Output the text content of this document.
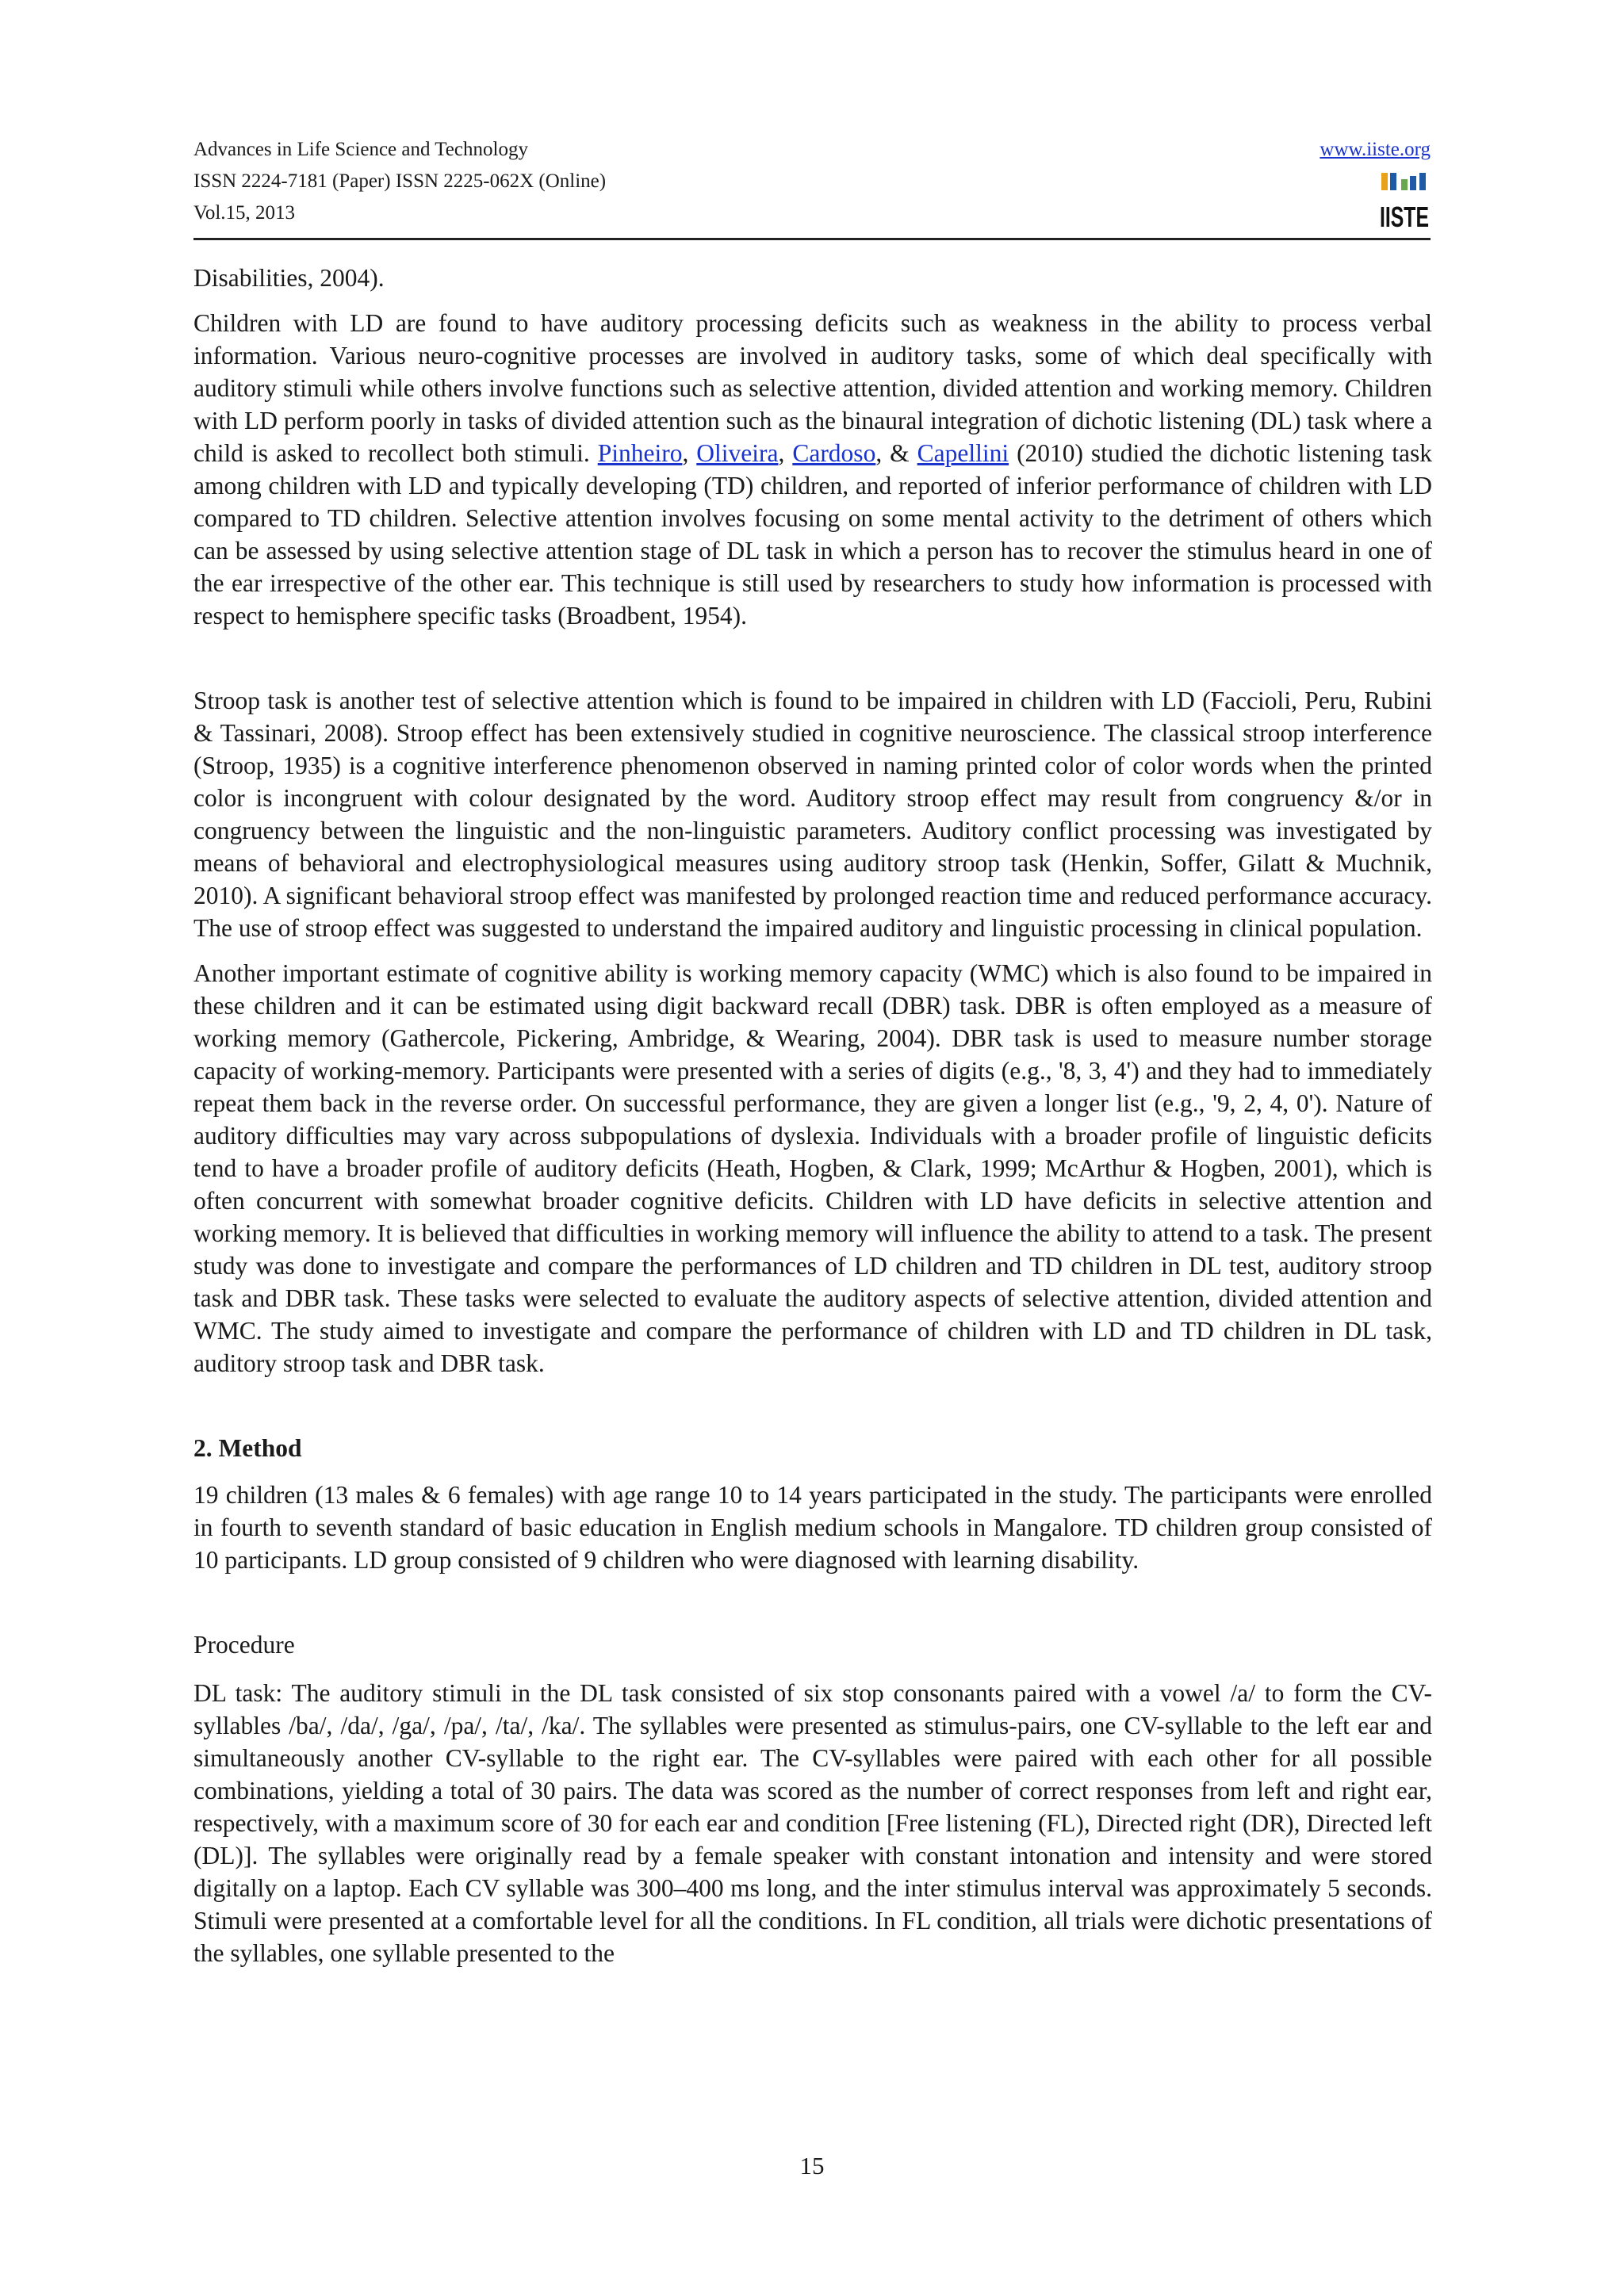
Advances in Life Science and Technology
ISSN 2224-7181 (Paper) ISSN 2225-062X (Online)
Vol.15, 2013
www.iiste.org
IISTE

Disabilities, 2004).

Children with LD are found to have auditory processing deficits such as weakness in the ability to process verbal information. Various neuro-cognitive processes are involved in auditory tasks, some of which deal specifically with auditory stimuli while others involve functions such as selective attention, divided attention and working memory. Children with LD perform poorly in tasks of divided attention such as the binaural integration of dichotic listening (DL) task where a child is asked to recollect both stimuli. Pinheiro, Oliveira, Cardoso, & Capellini (2010) studied the dichotic listening task among children with LD and typically developing (TD) children, and reported of inferior performance of children with LD compared to TD children. Selective attention involves focusing on some mental activity to the detriment of others which can be assessed by using selective attention stage of DL task in which a person has to recover the stimulus heard in one of the ear irrespective of the other ear. This technique is still used by researchers to study how information is processed with respect to hemisphere specific tasks (Broadbent, 1954).

Stroop task is another test of selective attention which is found to be impaired in children with LD (Faccioli, Peru, Rubini & Tassinari, 2008). Stroop effect has been extensively studied in cognitive neuroscience. The classical stroop interference (Stroop, 1935) is a cognitive interference phenomenon observed in naming printed color of color words when the printed color is incongruent with colour designated by the word. Auditory stroop effect may result from congruency &/or in congruency between the linguistic and the non-linguistic parameters. Auditory conflict processing was investigated by means of behavioral and electrophysiological measures using auditory stroop task (Henkin, Soffer, Gilatt & Muchnik, 2010). A significant behavioral stroop effect was manifested by prolonged reaction time and reduced performance accuracy. The use of stroop effect was suggested to understand the impaired auditory and linguistic processing in clinical population.

Another important estimate of cognitive ability is working memory capacity (WMC) which is also found to be impaired in these children and it can be estimated using digit backward recall (DBR) task. DBR is often employed as a measure of working memory (Gathercole, Pickering, Ambridge, & Wearing, 2004). DBR task is used to measure number storage capacity of working-memory. Participants were presented with a series of digits (e.g., '8, 3, 4') and they had to immediately repeat them back in the reverse order. On successful performance, they are given a longer list (e.g., '9, 2, 4, 0'). Nature of auditory difficulties may vary across subpopulations of dyslexia. Individuals with a broader profile of linguistic deficits tend to have a broader profile of auditory deficits (Heath, Hogben, & Clark, 1999; McArthur & Hogben, 2001), which is often concurrent with somewhat broader cognitive deficits. Children with LD have deficits in selective attention and working memory. It is believed that difficulties in working memory will influence the ability to attend to a task. The present study was done to investigate and compare the performances of LD children and TD children in DL test, auditory stroop task and DBR task. These tasks were selected to evaluate the auditory aspects of selective attention, divided attention and WMC. The study aimed to investigate and compare the performance of children with LD and TD children in DL task, auditory stroop task and DBR task.

2. Method

19 children (13 males & 6 females) with age range 10 to 14 years participated in the study. The participants were enrolled in fourth to seventh standard of basic education in English medium schools in Mangalore. TD children group consisted of 10 participants. LD group consisted of 9 children who were diagnosed with learning disability.

Procedure

DL task: The auditory stimuli in the DL task consisted of six stop consonants paired with a vowel /a/ to form the CV-syllables /ba/, /da/, /ga/, /pa/, /ta/, /ka/. The syllables were presented as stimulus-pairs, one CV-syllable to the left ear and simultaneously another CV-syllable to the right ear. The CV-syllables were paired with each other for all possible combinations, yielding a total of 30 pairs. The data was scored as the number of correct responses from left and right ear, respectively, with a maximum score of 30 for each ear and condition [Free listening (FL), Directed right (DR), Directed left (DL)]. The syllables were originally read by a female speaker with constant intonation and intensity and were stored digitally on a laptop. Each CV syllable was 300–400 ms long, and the inter stimulus interval was approximately 5 seconds. Stimuli were presented at a comfortable level for all the conditions. In FL condition, all trials were dichotic presentations of the syllables, one syllable presented to the

15
